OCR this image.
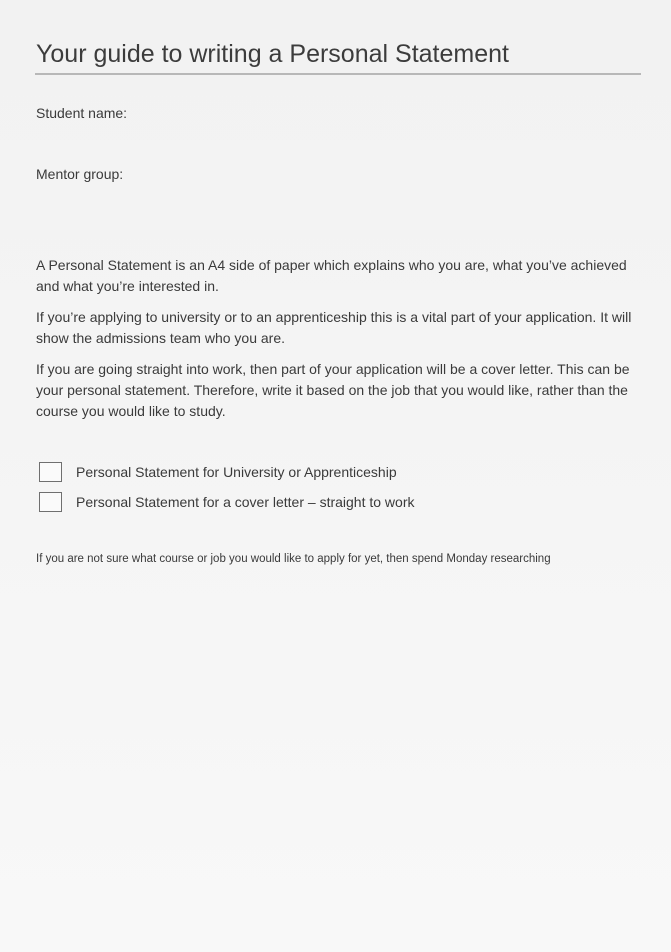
Your guide to writing a Personal Statement
Student name:
Mentor group:

A Personal Statement is an A4 side of paper which explains who you are, what you’ve achieved and what you’re interested in.

If you’re applying to university or to an apprenticeship this is a vital part of your application. It will show the admissions team who you are.

If you are going straight into work, then part of your application will be a cover letter. This can be your personal statement. Therefore, write it based on the job that you would like, rather than the course you would like to study.

Personal Statement for University or Apprenticeship
Personal Statement for a cover letter – straight to work
If you are not sure what course or job you would like to apply for yet, then spend Monday researching
